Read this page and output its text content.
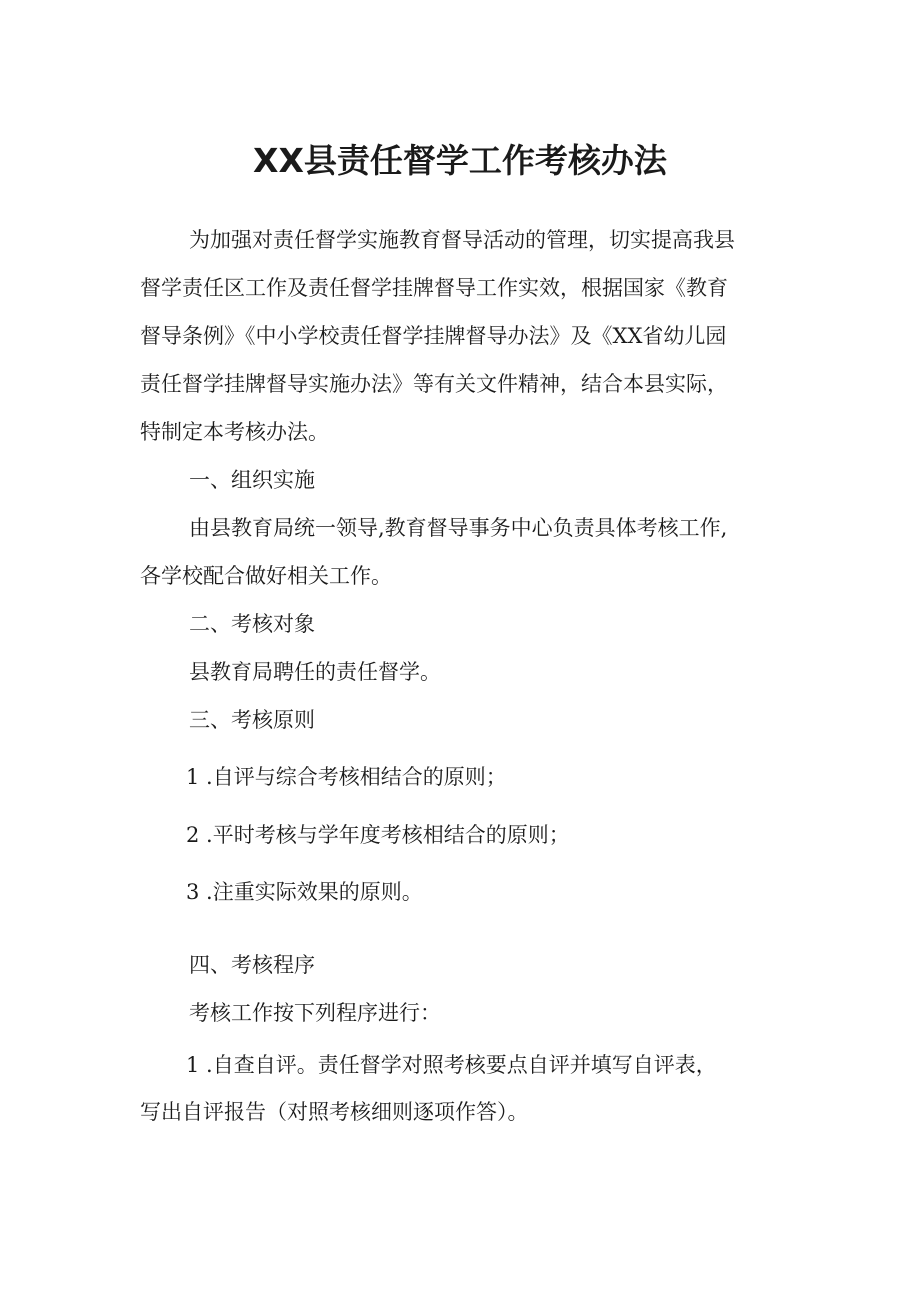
XX县责任督学工作考核办法
为加强对责任督学实施教育督导活动的管理，切实提高我县
督学责任区工作及责任督学挂牌督导工作实效，根据国家《教育
督导条例》《中小学校责任督学挂牌督导办法》及《XX省幼儿园
责任督学挂牌督导实施办法》等有关文件精神，结合本县实际，
特制定本考核办法。
一、组织实施
由县教育局统一领导,教育督导事务中心负责具体考核工作,
各学校配合做好相关工作。
二、考核对象
县教育局聘任的责任督学。
三、考核原则
1 .自评与综合考核相结合的原则；
2 .平时考核与学年度考核相结合的原则；
3 .注重实际效果的原则。
四、考核程序
考核工作按下列程序进行：
1 .自查自评。责任督学对照考核要点自评并填写自评表，
写出自评报告（对照考核细则逐项作答）。
